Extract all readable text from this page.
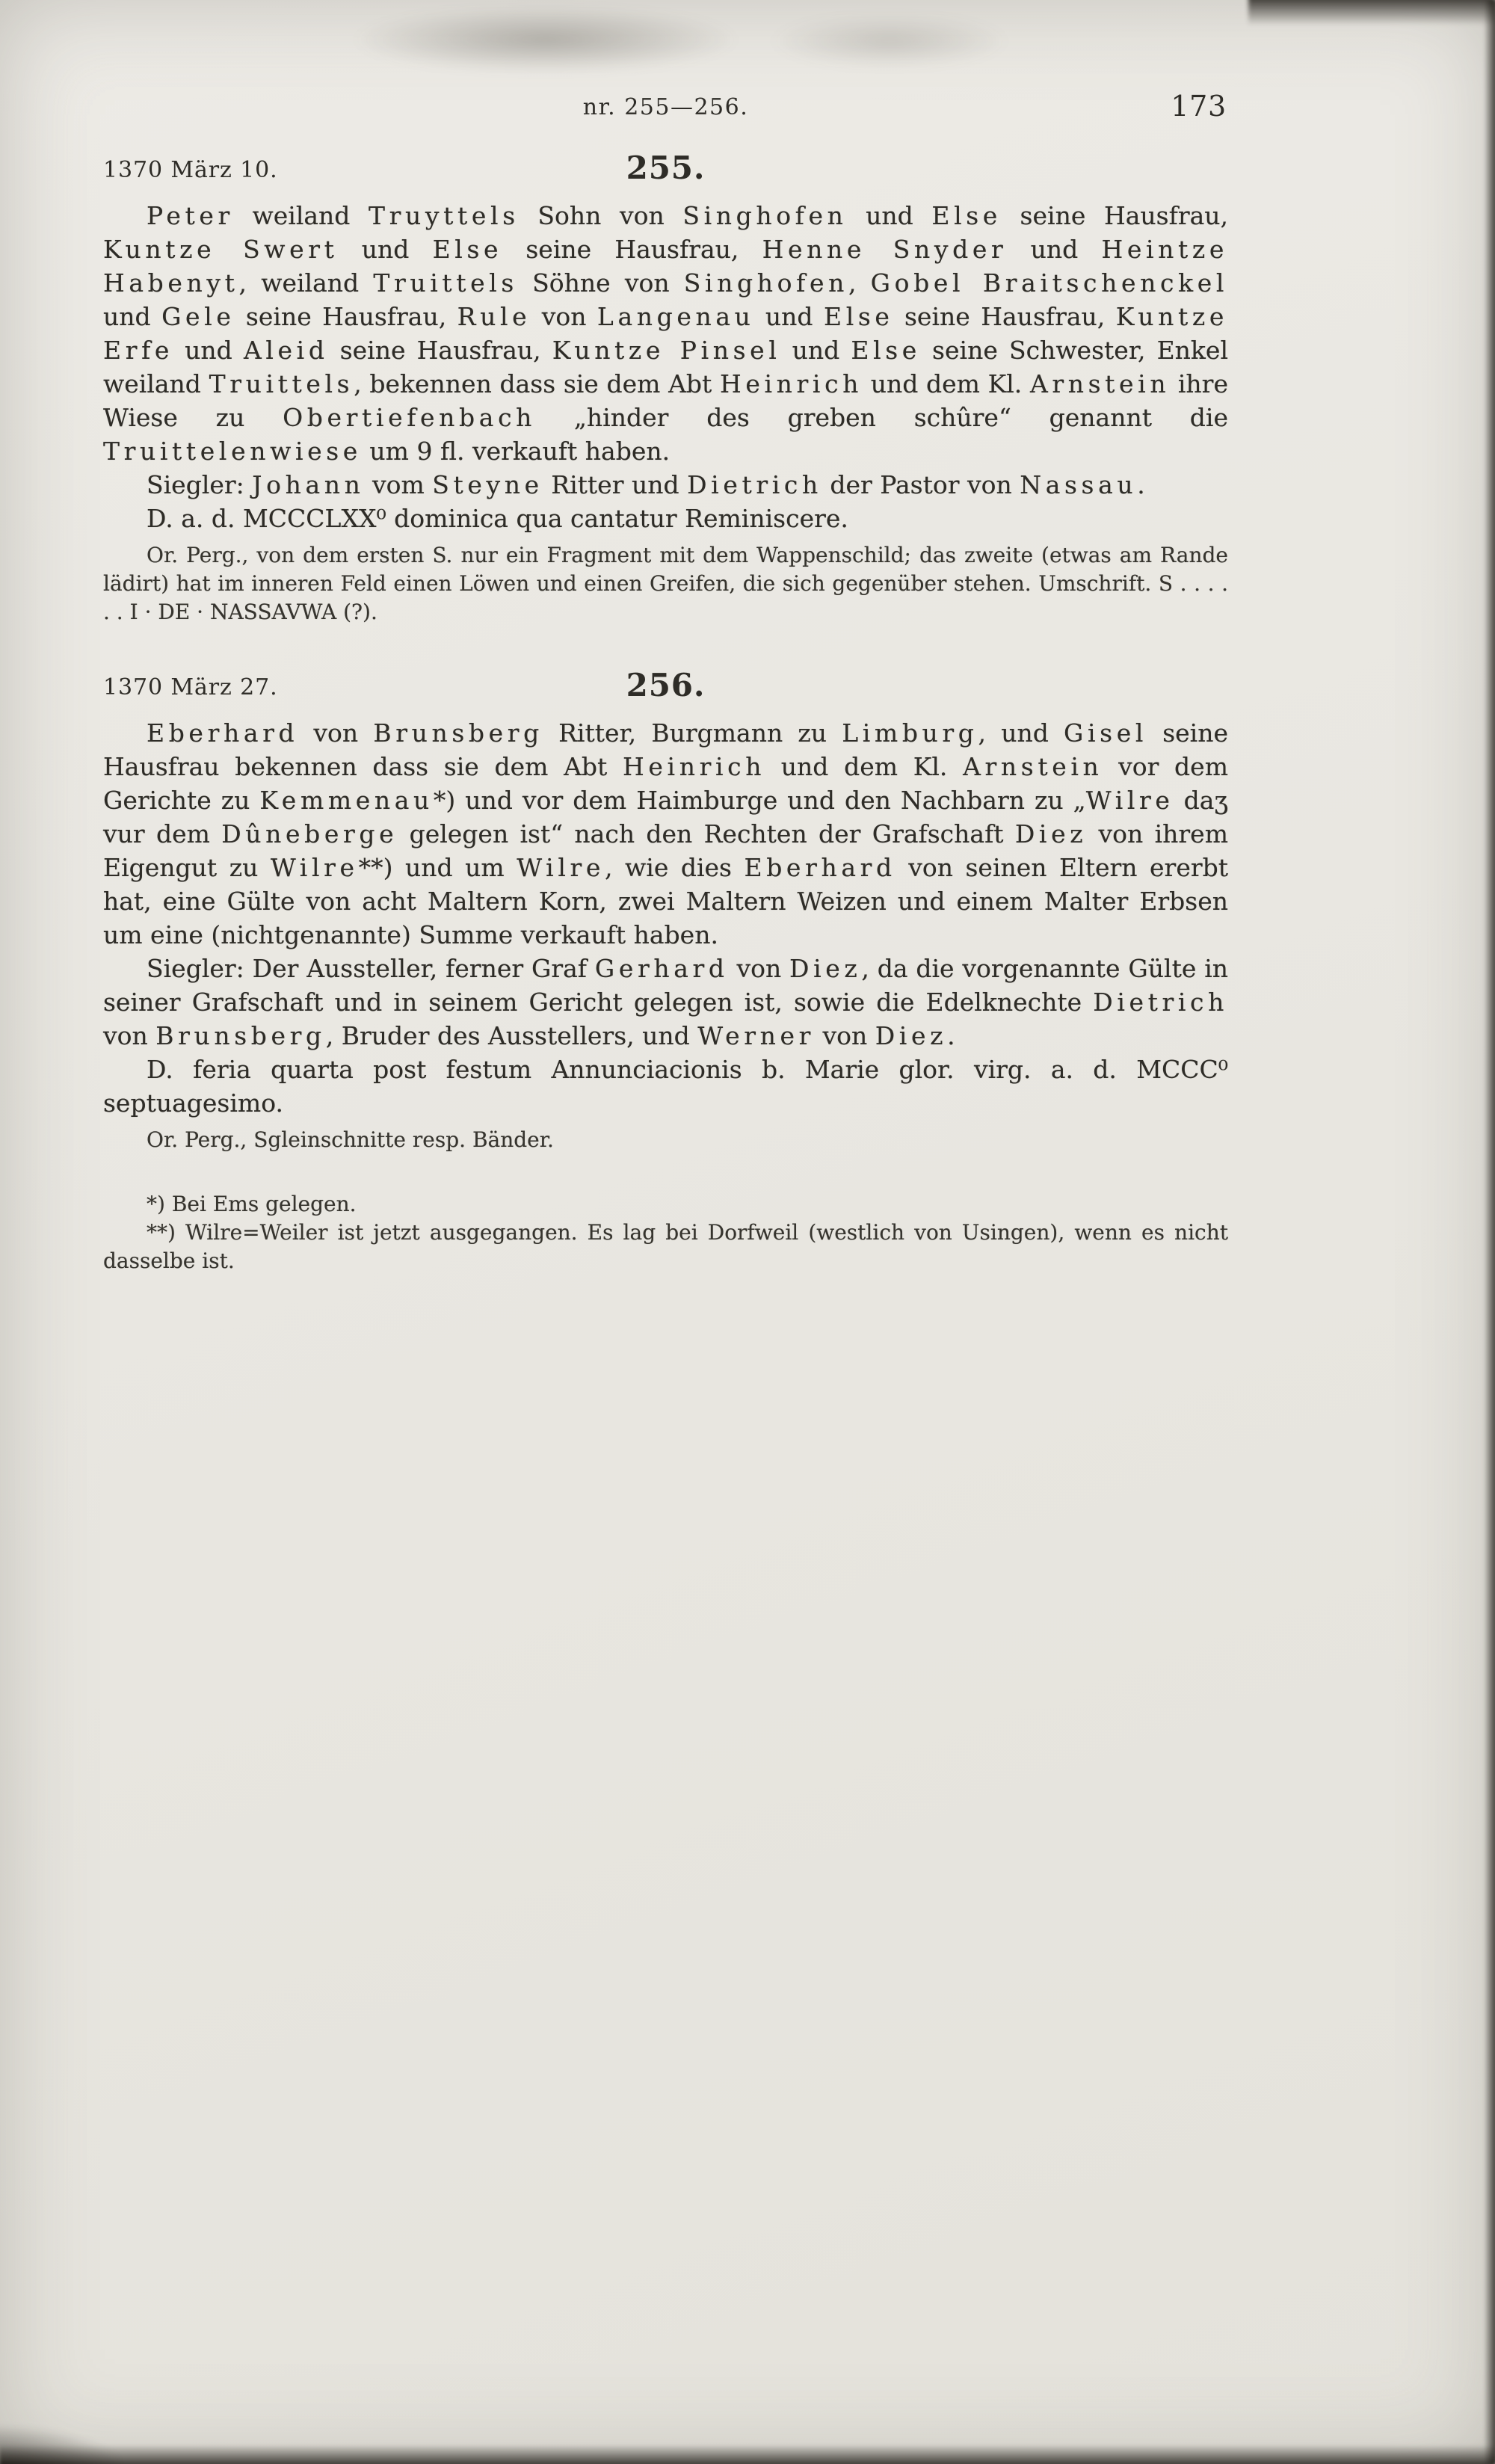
nr. 255—256.	173
1370 März 10.	255.

Peter weiland Truyttels Sohn von Singhofen und Else seine Hausfrau, Kuntze Swert und Else seine Hausfrau, Henne Snyder und Heintze Habenyt, weiland Truittels Söhne von Singhofen, Gobel Braitschenckel und Gele seine Hausfrau, Rule von Langenau und Else seine Hausfrau, Kuntze Erfe und Aleid seine Hausfrau, Kuntze Pinsel und Else seine Schwester, Enkel weiland Truittels, bekennen dass sie dem Abt Heinrich und dem Kl. Arnstein ihre Wiese zu Obertiefenbach „hinder des greben schûre“ genannt die Truittelenwiese um 9 fl. verkauft haben.

Siegler: Johann vom Steyne Ritter und Dietrich der Pastor von Nassau.

D. a. d. MCCCLXX⁰ dominica qua cantatur Reminiscere.

Or. Perg., von dem ersten S. nur ein Fragment mit dem Wappenschild; das zweite (etwas am Rande lädirt) hat im inneren Feld einen Löwen und einen Greifen, die sich gegenüber stehen. Umschrift. S . . . . . . I · DE · NASSAVWA (?).

1370 März 27.	256.

Eberhard von Brunsberg Ritter, Burgmann zu Limburg, und Gisel seine Hausfrau bekennen dass sie dem Abt Heinrich und dem Kl. Arnstein vor dem Gerichte zu Kemmenau*) und vor dem Haimburge und den Nachbarn zu „Wilre daʒ vur dem Dûneberge gelegen ist“ nach den Rechten der Grafschaft Diez von ihrem Eigengut zu Wilre**) und um Wilre, wie dies Eberhard von seinen Eltern ererbt hat, eine Gülte von acht Maltern Korn, zwei Maltern Weizen und einem Malter Erbsen um eine (nichtgenannte) Summe verkauft haben.

Siegler: Der Aussteller, ferner Graf Gerhard von Diez, da die vorgenannte Gülte in seiner Grafschaft und in seinem Gericht gelegen ist, sowie die Edelknechte Dietrich von Brunsberg, Bruder des Ausstellers, und Werner von Diez.

D. feria quarta post festum Annunciacionis b. Marie glor. virg. a. d. MCCC⁰ septuagesimo.

Or. Perg., Sgleinschnitte resp. Bänder.

*) Bei Ems gelegen.

**) Wilre=Weiler ist jetzt ausgegangen. Es lag bei Dorfweil (westlich von Usingen), wenn es nicht dasselbe ist.
